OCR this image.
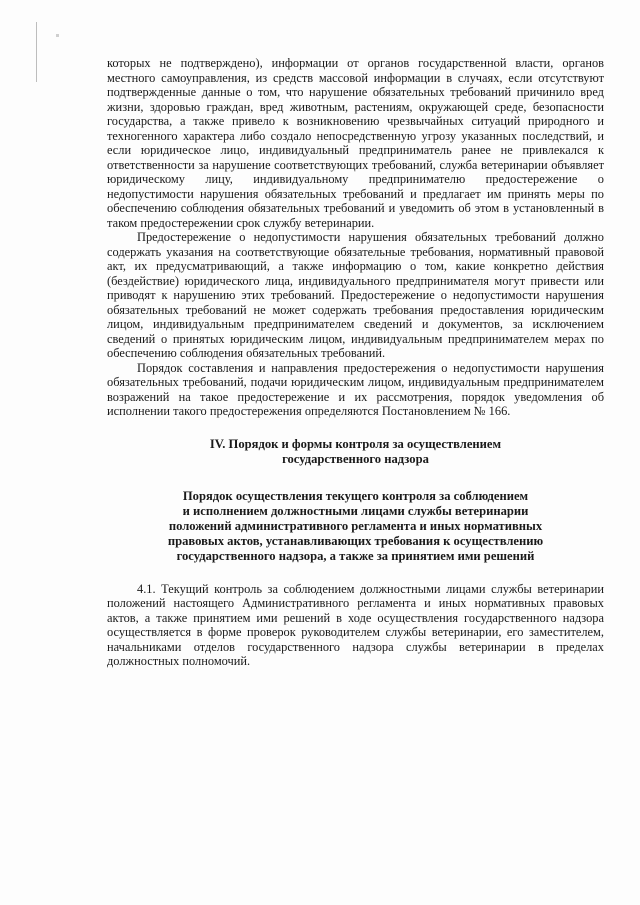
которых не подтверждено), информации от органов государственной власти, органов местного самоуправления, из средств массовой информации в случаях, если отсутствуют подтвержденные данные о том, что нарушение обязательных требований причинило вред жизни, здоровью граждан, вред животным, растениям, окружающей среде, безопасности государства, а также привело к возникновению чрезвычайных ситуаций природного и техногенного характера либо создало непосредственную угрозу указанных последствий, и если юридическое лицо, индивидуальный предприниматель ранее не привлекался к ответственности за нарушение соответствующих требований, служба ветеринарии объявляет юридическому лицу, индивидуальному предпринимателю предостережение о недопустимости нарушения обязательных требований и предлагает им принять меры по обеспечению соблюдения обязательных требований и уведомить об этом в установленный в таком предостережении срок службу ветеринарии.

Предостережение о недопустимости нарушения обязательных требований должно содержать указания на соответствующие обязательные требования, нормативный правовой акт, их предусматривающий, а также информацию о том, какие конкретно действия (бездействие) юридического лица, индивидуального предпринимателя могут привести или приводят к нарушению этих требований. Предостережение о недопустимости нарушения обязательных требований не может содержать требования предоставления юридическим лицом, индивидуальным предпринимателем сведений и документов, за исключением сведений о принятых юридическим лицом, индивидуальным предпринимателем мерах по обеспечению соблюдения обязательных требований.

Порядок составления и направления предостережения о недопустимости нарушения обязательных требований, подачи юридическим лицом, индивидуальным предпринимателем возражений на такое предостережение и их рассмотрения, порядок уведомления об исполнении такого предостережения определяются Постановлением № 166.

IV. Порядок и формы контроля за осуществлением
государственного надзора
Порядок осуществления текущего контроля за соблюдением
и исполнением должностными лицами службы ветеринарии
положений административного регламента и иных нормативных
правовых актов, устанавливающих требования к осуществлению
государственного надзора, а также за принятием ими решений

4.1. Текущий контроль за соблюдением должностными лицами службы ветеринарии положений настоящего Административного регламента и иных нормативных правовых актов, а также принятием ими решений в ходе осуществления государственного надзора осуществляется в форме проверок руководителем службы ветеринарии, его заместителем, начальниками отделов государственного надзора службы ветеринарии в пределах должностных полномочий.
